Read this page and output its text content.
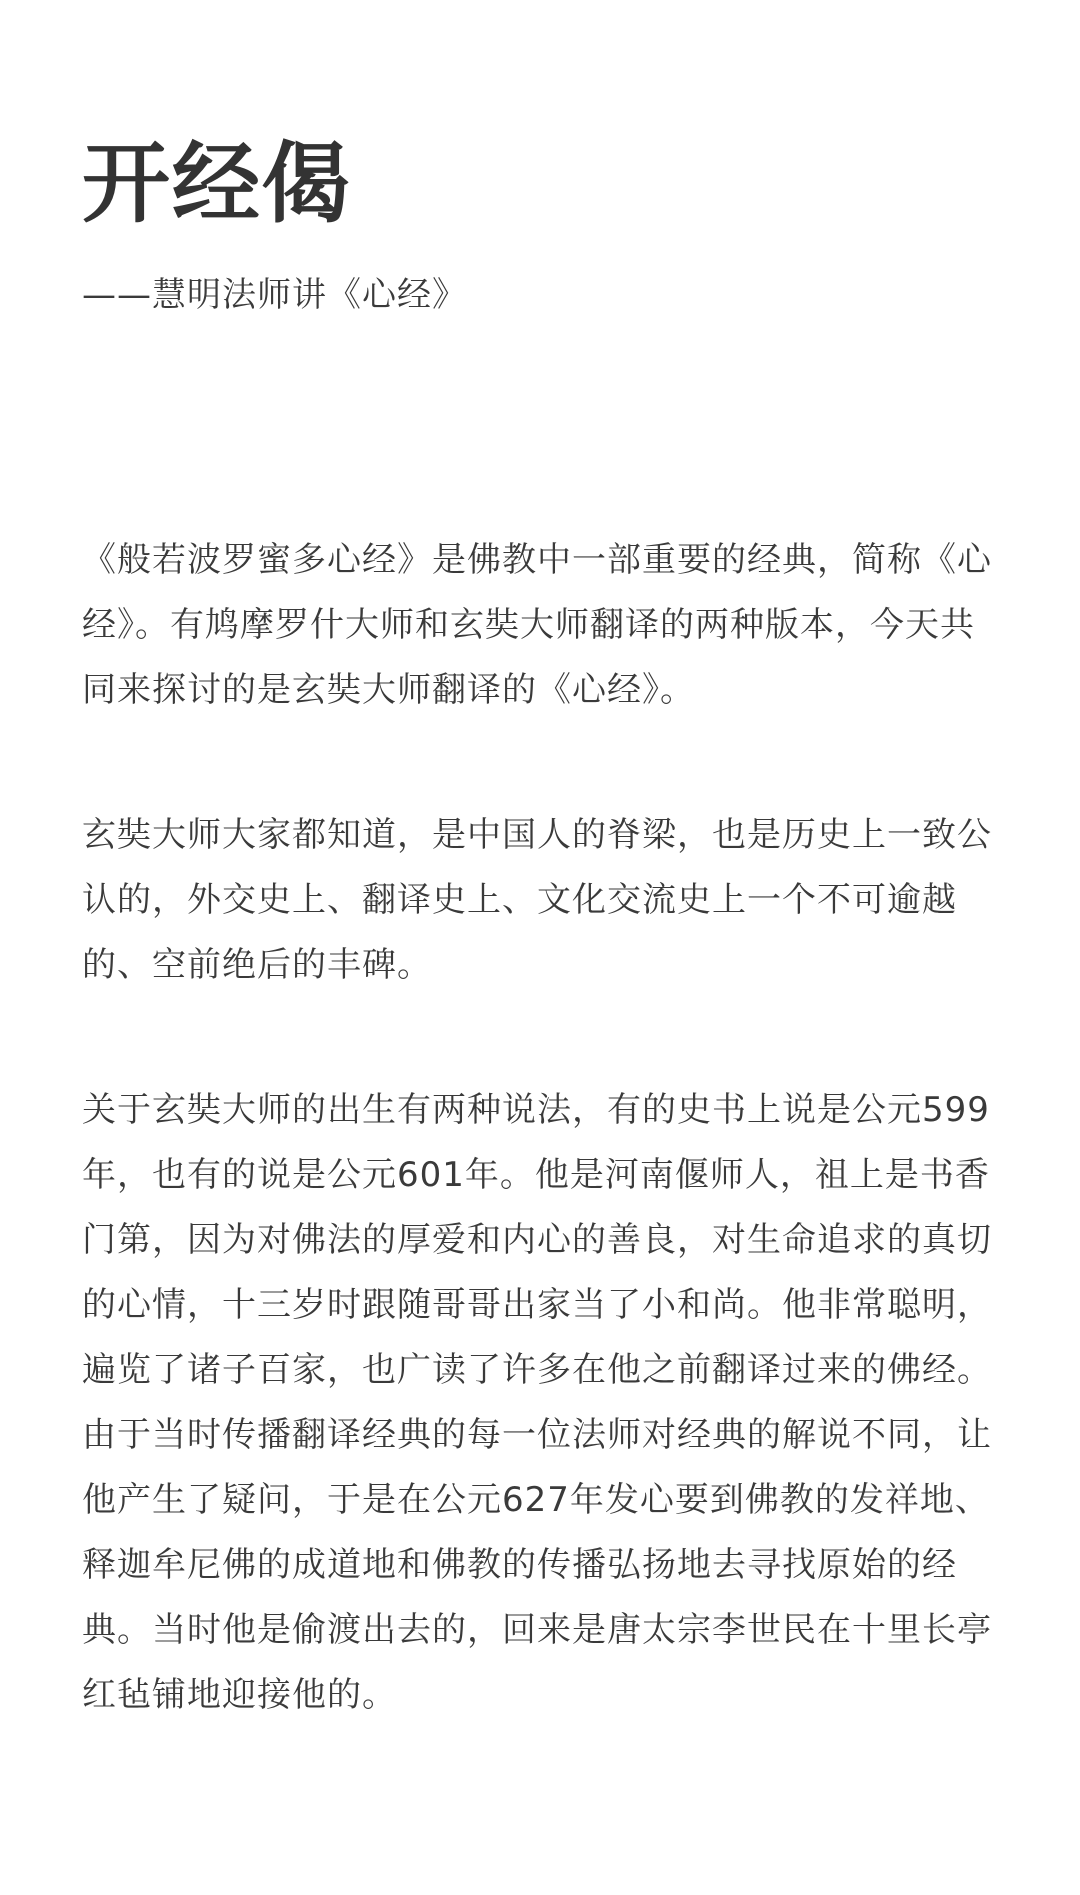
开经偈

——慧明法师讲《心经》

《般若波罗蜜多心经》是佛教中一部重要的经典，简称《心经》。有鸠摩罗什大师和玄奘大师翻译的两种版本，今天共同来探讨的是玄奘大师翻译的《心经》。

玄奘大师大家都知道，是中国人的脊梁，也是历史上一致公认的，外交史上、翻译史上、文化交流史上一个不可逾越的、空前绝后的丰碑。

关于玄奘大师的出生有两种说法，有的史书上说是公元599年，也有的说是公元601年。他是河南偃师人，祖上是书香门第，因为对佛法的厚爱和内心的善良，对生命追求的真切的心情，十三岁时跟随哥哥出家当了小和尚。他非常聪明，遍览了诸子百家，也广读了许多在他之前翻译过来的佛经。由于当时传播翻译经典的每一位法师对经典的解说不同，让他产生了疑问，于是在公元627年发心要到佛教的发祥地、释迦牟尼佛的成道地和佛教的传播弘扬地去寻找原始的经典。当时他是偷渡出去的，回来是唐太宗李世民在十里长亭红毡铺地迎接他的。
